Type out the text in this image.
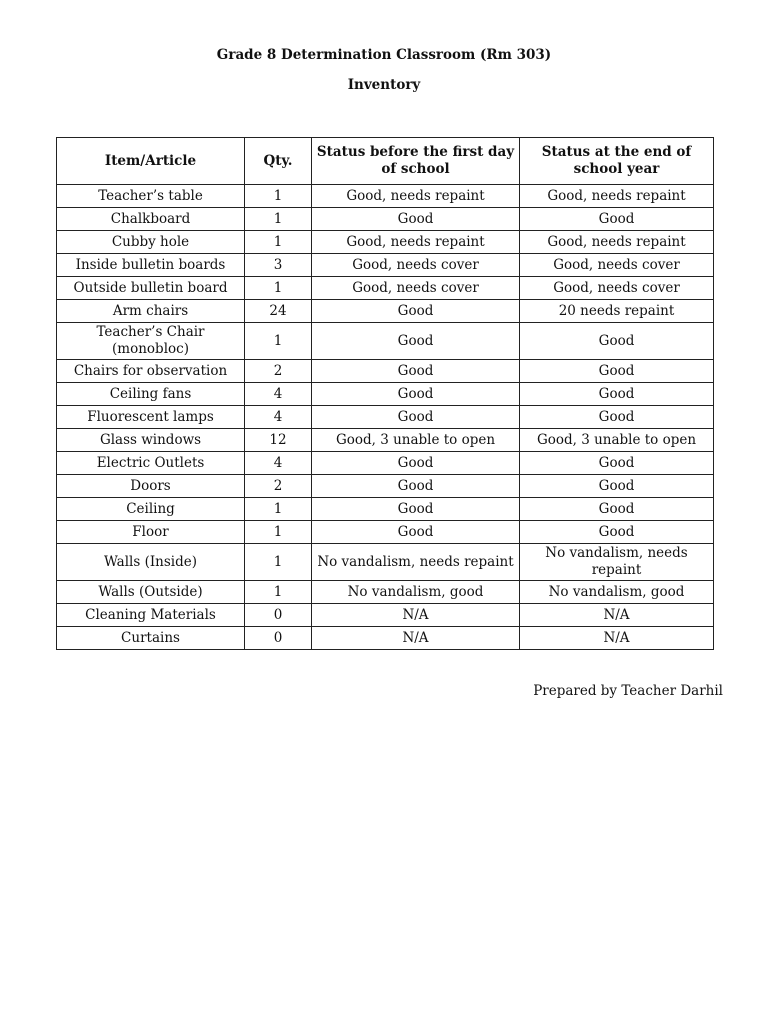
Grade 8 Determination Classroom (Rm 303)
Inventory
Item/Article	Qty.	Status before the first day of school	Status at the end of school year
Teacher’s table	1	Good, needs repaint	Good, needs repaint
Chalkboard	1	Good	Good
Cubby hole	1	Good, needs repaint	Good, needs repaint
Inside bulletin boards	3	Good, needs cover	Good, needs cover
Outside bulletin board	1	Good, needs cover	Good, needs cover
Arm chairs	24	Good	20 needs repaint
Teacher’s Chair (monobloc)	1	Good	Good
Chairs for observation	2	Good	Good
Ceiling fans	4	Good	Good
Fluorescent lamps	4	Good	Good
Glass windows	12	Good, 3 unable to open	Good, 3 unable to open
Electric Outlets	4	Good	Good
Doors	2	Good	Good
Ceiling	1	Good	Good
Floor	1	Good	Good
Walls (Inside)	1	No vandalism, needs repaint	No vandalism, needs repaint
Walls (Outside)	1	No vandalism, good	No vandalism, good
Cleaning Materials	0	N/A	N/A
Curtains	0	N/A	N/A
Prepared by Teacher Darhil
